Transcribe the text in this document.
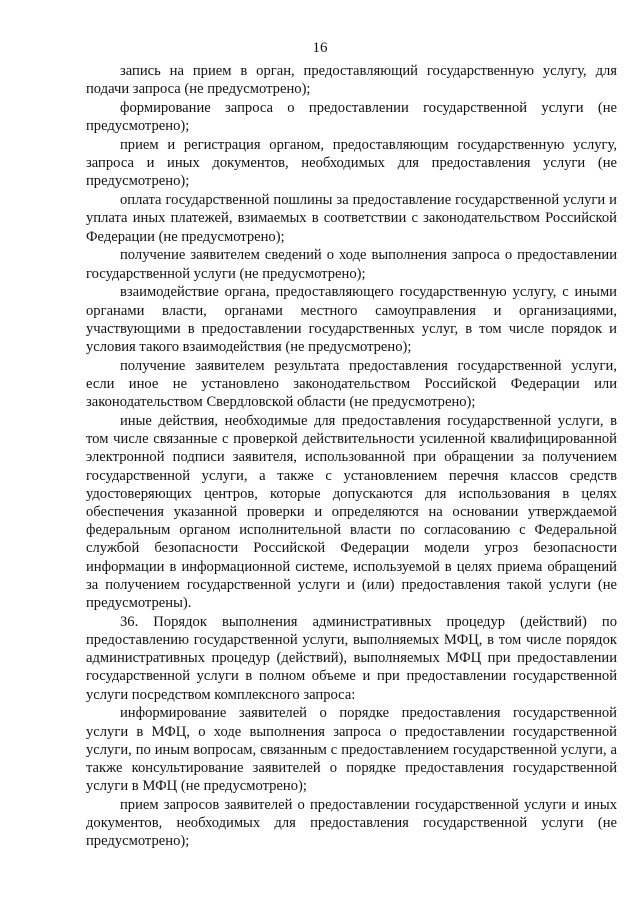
16

запись на прием в орган, предоставляющий государственную услугу, для подачи запроса (не предусмотрено);

формирование запроса о предоставлении государственной услуги (не предусмотрено);

прием и регистрация органом, предоставляющим государственную услугу, запроса и иных документов, необходимых для предоставления услуги (не предусмотрено);

оплата государственной пошлины за предоставление государственной услуги и уплата иных платежей, взимаемых в соответствии с законодательством Российской Федерации (не предусмотрено);

получение заявителем сведений о ходе выполнения запроса о предоставлении государственной услуги (не предусмотрено);

взаимодействие органа, предоставляющего государственную услугу, с иными органами власти, органами местного самоуправления и организациями, участвующими в предоставлении государственных услуг, в том числе порядок и условия такого взаимодействия (не предусмотрено);

получение заявителем результата предоставления государственной услуги, если иное не установлено законодательством Российской Федерации или законодательством Свердловской области (не предусмотрено);

иные действия, необходимые для предоставления государственной услуги, в том числе связанные с проверкой действительности усиленной квалифицированной электронной подписи заявителя, использованной при обращении за получением государственной услуги, а также с установлением перечня классов средств удостоверяющих центров, которые допускаются для использования в целях обеспечения указанной проверки и определяются на основании утверждаемой федеральным органом исполнительной власти по согласованию с Федеральной службой безопасности Российской Федерации модели угроз безопасности информации в информационной системе, используемой в целях приема обращений за получением государственной услуги и (или) предоставления такой услуги (не предусмотрены).

36. Порядок выполнения административных процедур (действий) по предоставлению государственной услуги, выполняемых МФЦ, в том числе порядок административных процедур (действий), выполняемых МФЦ при предоставлении государственной услуги в полном объеме и при предоставлении государственной услуги посредством комплексного запроса:

информирование заявителей о порядке предоставления государственной услуги в МФЦ, о ходе выполнения запроса о предоставлении государственной услуги, по иным вопросам, связанным с предоставлением государственной услуги, а также консультирование заявителей о порядке предоставления государственной услуги в МФЦ (не предусмотрено);

прием запросов заявителей о предоставлении государственной услуги и иных документов, необходимых для предоставления государственной услуги (не предусмотрено);
